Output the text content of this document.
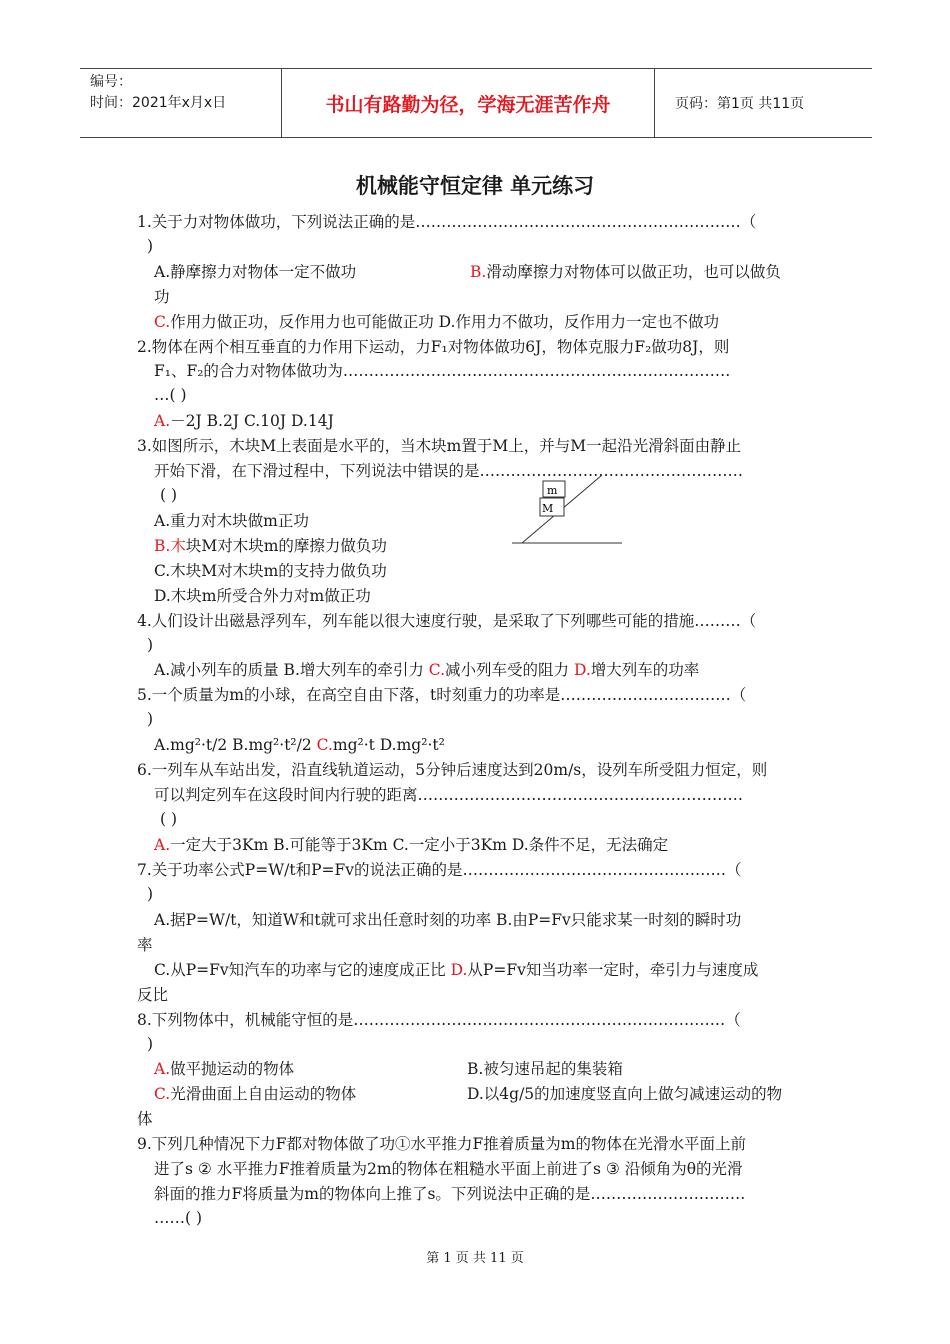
编号：
时间：2021年x月x日	书山有路勤为径，学海无涯苦作舟	页码：第1页 共11页
机械能守恒定律 单元练习
1.关于力对物体做功，下列说法正确的是………………………………………………………（
)
A.静摩擦力对物体一定不做功	B.滑动摩擦力对物体可以做正功，也可以做负
功
C.作用力做正功，反作用力也可能做正功 D.作用力不做功，反作用力一定也不做功
2.物体在两个相互垂直的力作用下运动，力F₁对物体做功6J，物体克服力F₂做功8J，则
F₁、F₂的合力对物体做功为…………………………………………………………………
…( )
A.－2J B.2J C.10J D.14J
3.如图所示，木块M上表面是水平的，当木块m置于M上，并与M一起沿光滑斜面由静止
开始下滑，在下滑过程中，下列说法中错误的是……………………………………………
( )
A.重力对木块做m正功
B.木块M对木块m的摩擦力做负功
C.木块M对木块m的支持力做负功
D.木块m所受合外力对m做正功
m
M
4.人们设计出磁悬浮列车，列车能以很大速度行驶，是采取了下列哪些可能的措施………（
)
A.减小列车的质量 B.增大列车的牵引力 C.减小列车受的阻力 D.增大列车的功率
5.一个质量为m的小球，在高空自由下落，t时刻重力的功率是……………………………（
)
A.mg²·t/2 B.mg²·t²/2 C.mg²·t D.mg²·t²
6.一列车从车站出发，沿直线轨道运动，5分钟后速度达到20m/s，设列车所受阻力恒定，则
可以判定列车在这段时间内行驶的距离………………………………………………………
( )
A.一定大于3Km B.可能等于3Km C.一定小于3Km D.条件不足，无法确定
7.关于功率公式P=W/t和P=Fv的说法正确的是……………………………………………（
)
A.据P=W/t，知道W和t就可求出任意时刻的功率 B.由P=Fv只能求某一时刻的瞬时功
率
C.从P=Fv知汽车的功率与它的速度成正比 D.从P=Fv知当功率一定时，牵引力与速度成
反比
8.下列物体中，机械能守恒的是………………………………………………………………（
)
A.做平抛运动的物体	B.被匀速吊起的集装箱
C.光滑曲面上自由运动的物体	D.以4g/5的加速度竖直向上做匀减速运动的物
体
9.下列几种情况下力F都对物体做了功①水平推力F推着质量为m的物体在光滑水平面上前
进了s ② 水平推力F推着质量为2m的物体在粗糙水平面上前进了s ③ 沿倾角为θ的光滑
斜面的推力F将质量为m的物体向上推了s。下列说法中正确的是…………………………
……( )
第 1 页 共 11 页
